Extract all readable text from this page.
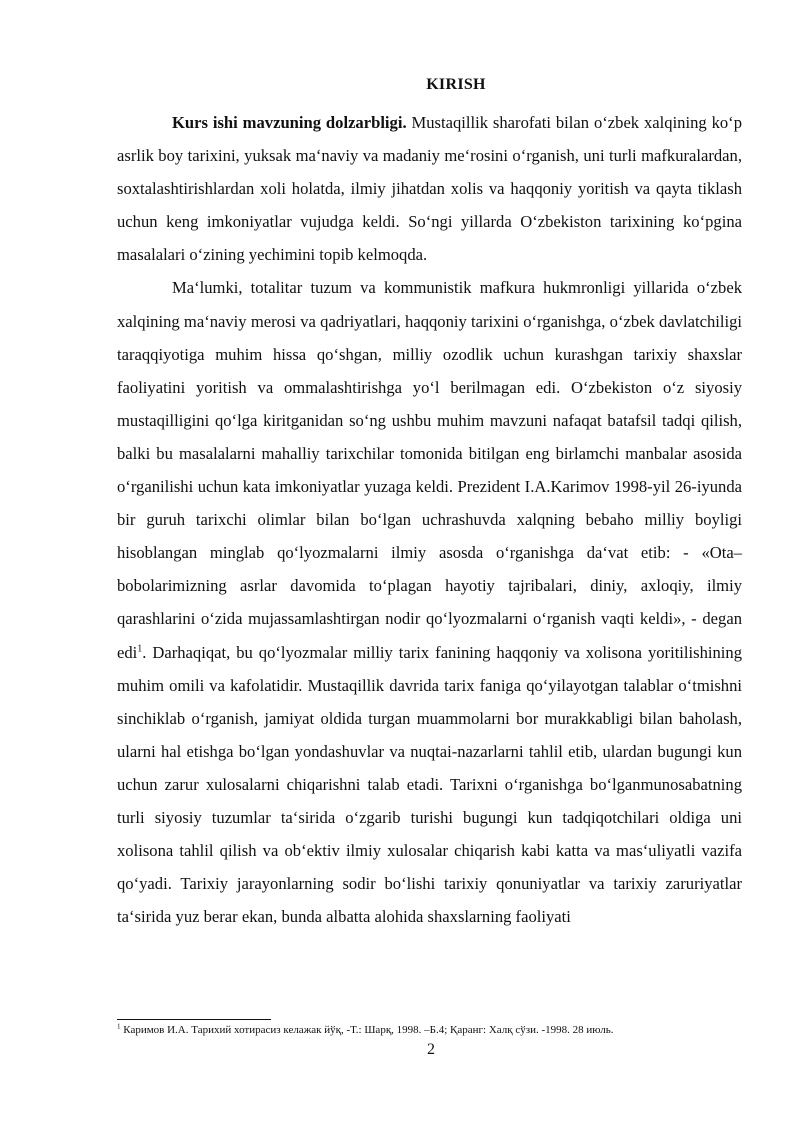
KIRISH

Kurs ishi mavzuning dolzarbligi. Mustaqillik sharofati bilan oʻzbek xalqining koʻp asrlik boy tarixini, yuksak maʻnaviy va madaniy meʻrosini oʻrganish, uni turli mafkuralardan, soxtalashtirishlardan xoli holatda, ilmiy jihatdan xolis va haqqoniy yoritish va qayta tiklash uchun keng imkoniyatlar vujudga keldi. Soʻngi yillarda Oʻzbekiston tarixining koʻpgina masalalari oʻzining yechimini topib kelmoqda.

Maʻlumki, totalitar tuzum va kommunistik mafkura hukmronligi yillarida oʻzbek xalqining maʻnaviy merosi va qadriyatlari, haqqoniy tarixini oʻrganishga, oʻzbek davlatchiligi taraqqiyotiga muhim hissa qoʻshgan, milliy ozodlik uchun kurashgan tarixiy shaxslar faoliyatini yoritish va ommalashtirishga yoʻl berilmagan edi. Oʻzbekiston oʻz siyosiy mustaqilligini qoʻlga kiritganidan soʻng ushbu muhim mavzuni nafaqat batafsil tadqi qilish, balki bu masalalarni mahalliy tarixchilar tomonida bitilgan eng birlamchi manbalar asosida oʻrganilishi uchun kata imkoniyatlar yuzaga keldi. Prezident I.A.Karimov 1998-yil 26-iyunda bir guruh tarixchi olimlar bilan boʻlgan uchrashuvda xalqning bebaho milliy boyligi hisoblangan minglab qoʻlyozmalarni ilmiy asosda oʻrganishga daʻvat etib: - «Ota–bobolarimizning asrlar davomida toʻplagan hayotiy tajribalari, diniy, axloqiy, ilmiy qarashlarini oʻzida mujassamlashtirgan nodir qoʻlyozmalarni oʻrganish vaqti keldi», - degan edi$^1$. Darhaqiqat, bu qoʻlyozmalar milliy tarix fanining haqqoniy va xolisona yoritilishining muhim omili va kafolatidir. Mustaqillik davrida tarix faniga qoʻyilayotgan talablar oʻtmishni sinchiklab oʻrganish, jamiyat oldida turgan muammolarni bor murakkabligi bilan baholash, ularni hal etishga boʻlgan yondashuvlar va nuqtai-nazarlarni tahlil etib, ulardan bugungi kun uchun zarur xulosalarni chiqarishni talab etadi. Tarixni oʻrganishga boʻlganmunosabatning turli siyosiy tuzumlar taʻsirida oʻzgarib turishi bugungi kun tadqiqotchilari oldiga uni xolisona tahlil qilish va obʻektiv ilmiy xulosalar chiqarish kabi katta va masʻuliyatli vazifa qoʻyadi. Tarixiy jarayonlarning sodir boʻlishi tarixiy qonuniyatlar va tarixiy zaruriyatlar taʻsirida yuz berar ekan, bunda albatta alohida shaxslarning faoliyati

$^1$ Каримов И.А. Тарихий хотирасиз келажак йўқ, -Т.: Шарқ, 1998. –Б.4; Қаранг: Халқ сўзи. -1998. 28 июль.
2
